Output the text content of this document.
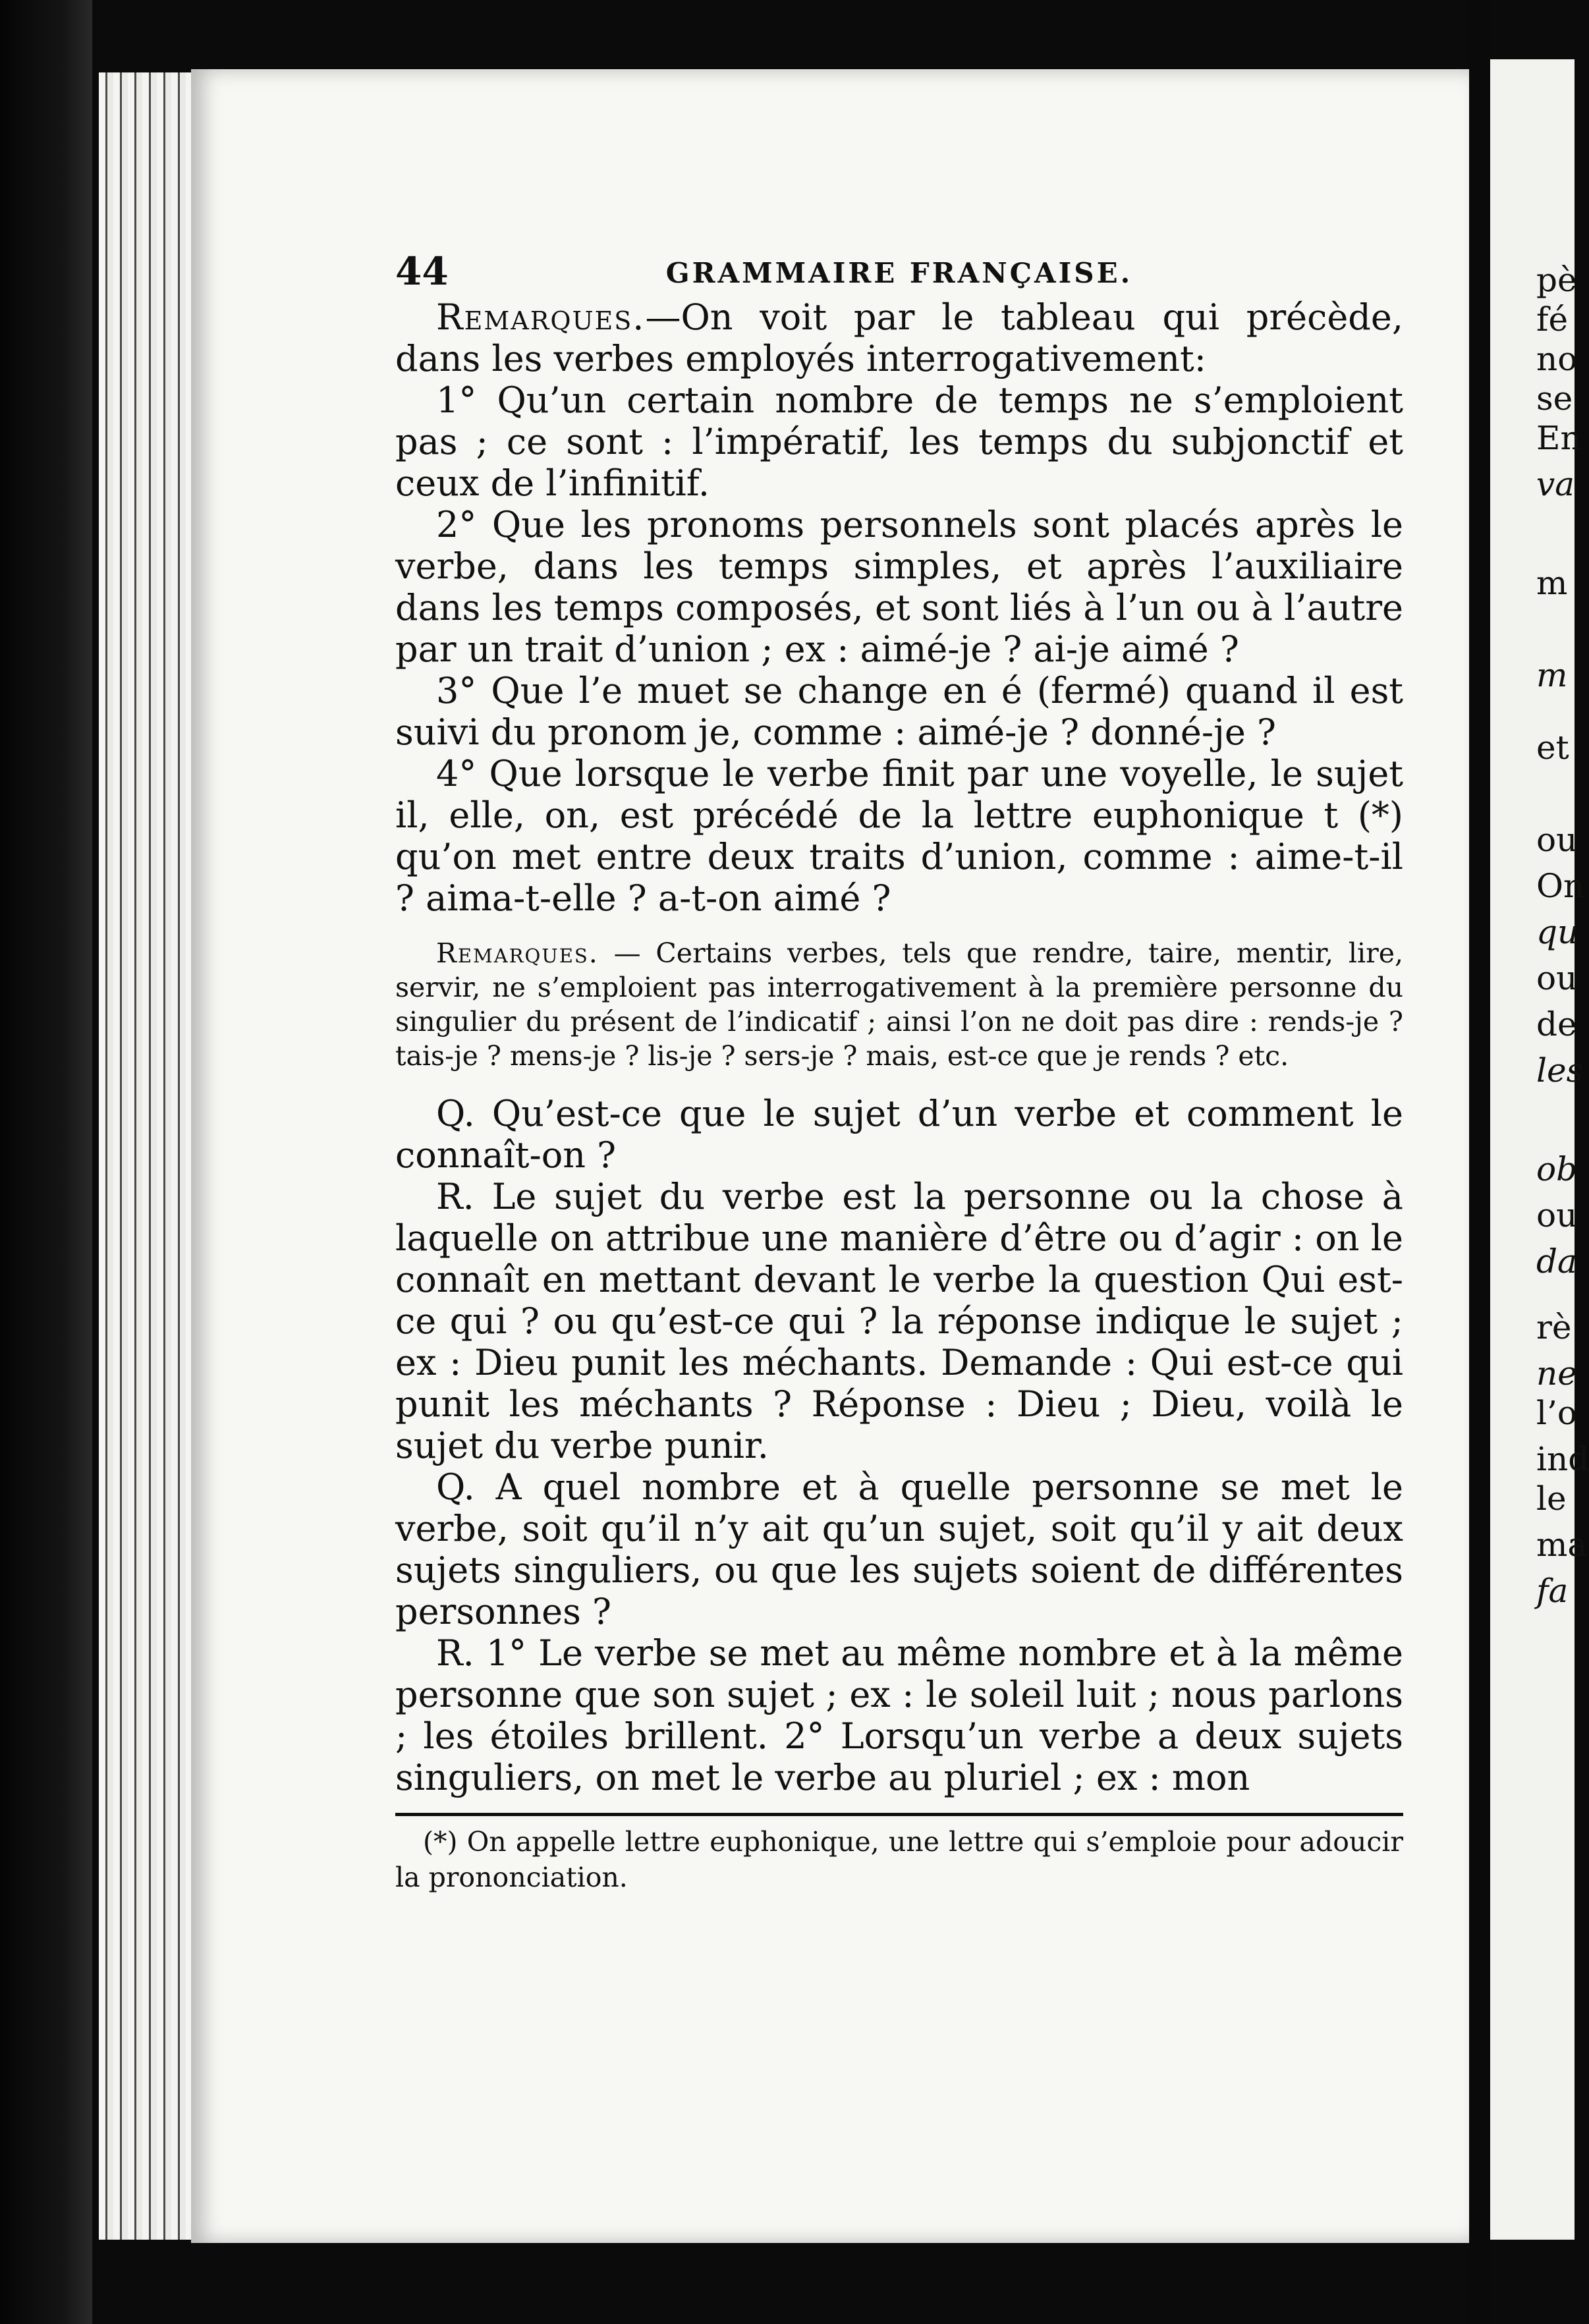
pè
fé
no
se
En
va
m
m
et
ou
On
qu
ou
de
les
ob
ou
da
rè
ne
l’o
ind
le
ma
fa
44	GRAMMAIRE FRANÇAISE.

Remarques.—On voit par le tableau qui précède, dans les verbes employés interrogativement:

1° Qu’un certain nombre de temps ne s’emploient pas ; ce sont : l’impératif, les temps du subjonctif et ceux de l’infinitif.

2° Que les pronoms personnels sont placés après le verbe, dans les temps simples, et après l’auxiliaire dans les temps composés, et sont liés à l’un ou à l’autre par un trait d’union ; ex : aimé-je ? ai-je aimé ?

3° Que l’e muet se change en é (fermé) quand il est suivi du pronom je, comme : aimé-je ? donné-je ?

4° Que lorsque le verbe finit par une voyelle, le sujet il, elle, on, est précédé de la lettre euphonique t (*) qu’on met entre deux traits d’union, comme : aime-t-il ? aima-t-elle ? a-t-on aimé ?

Remarques. — Certains verbes, tels que rendre, taire, mentir, lire, servir, ne s’emploient pas interrogativement à la première personne du singulier du présent de l’indicatif ; ainsi l’on ne doit pas dire : rends-je ? tais-je ? mens-je ? lis-je ? sers-je ? mais, est-ce que je rends ? etc.

Q. Qu’est-ce que le sujet d’un verbe et comment le connaît-on ?

R. Le sujet du verbe est la personne ou la chose à laquelle on attribue une manière d’être ou d’agir : on le connaît en mettant devant le verbe la question Qui est-ce qui ? ou qu’est-ce qui ? la réponse indique le sujet ; ex : Dieu punit les méchants. Demande : Qui est-ce qui punit les méchants ? Réponse : Dieu ; Dieu, voilà le sujet du verbe punir.

Q. A quel nombre et à quelle personne se met le verbe, soit qu’il n’y ait qu’un sujet, soit qu’il y ait deux sujets singuliers, ou que les sujets soient de différentes personnes ?

R. 1° Le verbe se met au même nombre et à la même personne que son sujet ; ex : le soleil luit ; nous parlons ; les étoiles brillent. 2° Lorsqu’un verbe a deux sujets singuliers, on met le verbe au pluriel ; ex : mon

(*) On appelle lettre euphonique, une lettre qui s’emploie pour adoucir la prononciation.
